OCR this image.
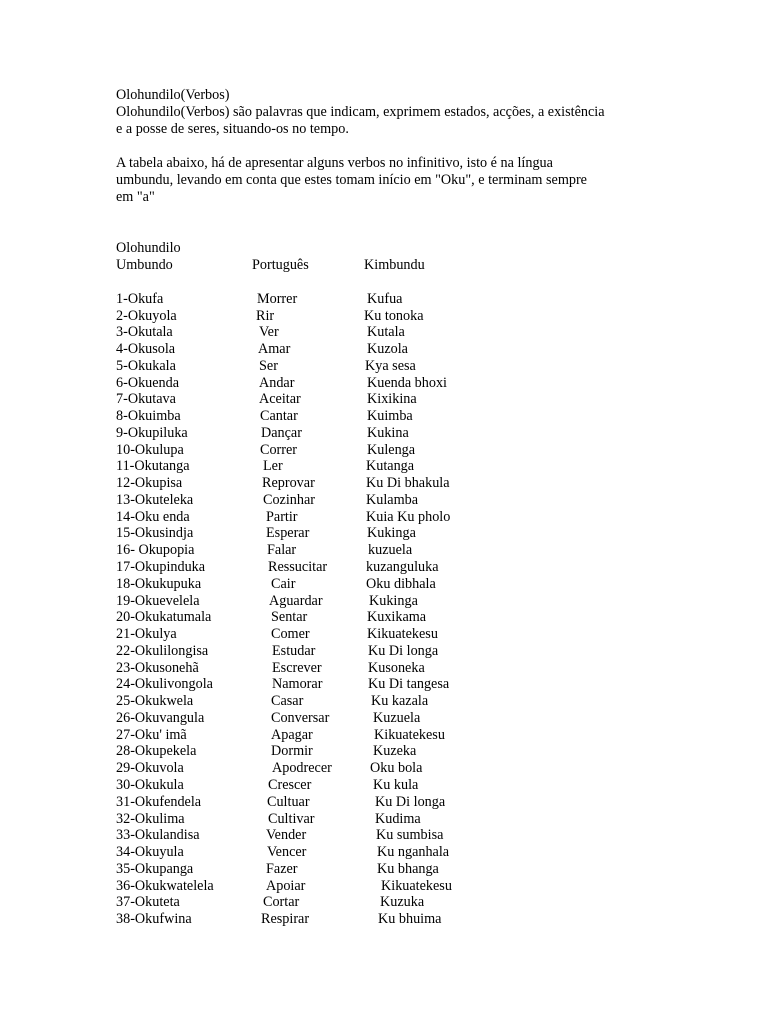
Olohundilo(Verbos)
Olohundilo(Verbos) são palavras que indicam, exprimem estados, acções, a existência
e a posse de seres, situando-os no tempo.
A tabela abaixo, há de apresentar alguns verbos no infinitivo, isto é na língua
umbundu, levando em conta que estes tomam início em "Oku", e terminam sempre
em "a"
Olohundilo
Umbundo	Português	Kimbundu
1-Okufa	Morrer	Kufua
2-Okuyola	Rir	Ku tonoka
3-Okutala	Ver	Kutala
4-Okusola	Amar	Kuzola
5-Okukala	Ser	Kya sesa
6-Okuenda	Andar	Kuenda bhoxi
7-Okutava	Aceitar	Kixikina
8-Okuimba	Cantar	Kuimba
9-Okupiluka	Dançar	Kukina
10-Okulupa	Correr	Kulenga
11-Okutanga	Ler	Kutanga
12-Okupisa	Reprovar	Ku Di bhakula
13-Okuteleka	Cozinhar	Kulamba
14-Oku enda	Partir	Kuia Ku pholo
15-Okusindja	Esperar	Kukinga
16- Okupopia	Falar	kuzuela
17-Okupinduka	Ressucitar	kuzanguluka
18-Okukupuka	Cair	Oku dibhala
19-Okuevelela	Aguardar	Kukinga
20-Okukatumala	Sentar	Kuxikama
21-Okulya	Comer	Kikuatekesu
22-Okulilongisa	Estudar	Ku Di longa
23-Okusonehã	Escrever	Kusoneka
24-Okulivongola	Namorar	Ku Di tangesa
25-Okukwela	Casar	Ku kazala
26-Okuvangula	Conversar	Kuzuela
27-Oku' imã	Apagar	Kikuatekesu
28-Okupekela	Dormir	Kuzeka
29-Okuvola	Apodrecer	Oku bola
30-Okukula	Crescer	Ku kula
31-Okufendela	Cultuar	Ku Di longa
32-Okulima	Cultivar	Kudima
33-Okulandisa	Vender	Ku sumbisa
34-Okuyula	Vencer	Ku nganhala
35-Okupanga	Fazer	Ku bhanga
36-Okukwatelela	Apoiar	Kikuatekesu
37-Okuteta	Cortar	Kuzuka
38-Okufwina	Respirar	Ku bhuima
